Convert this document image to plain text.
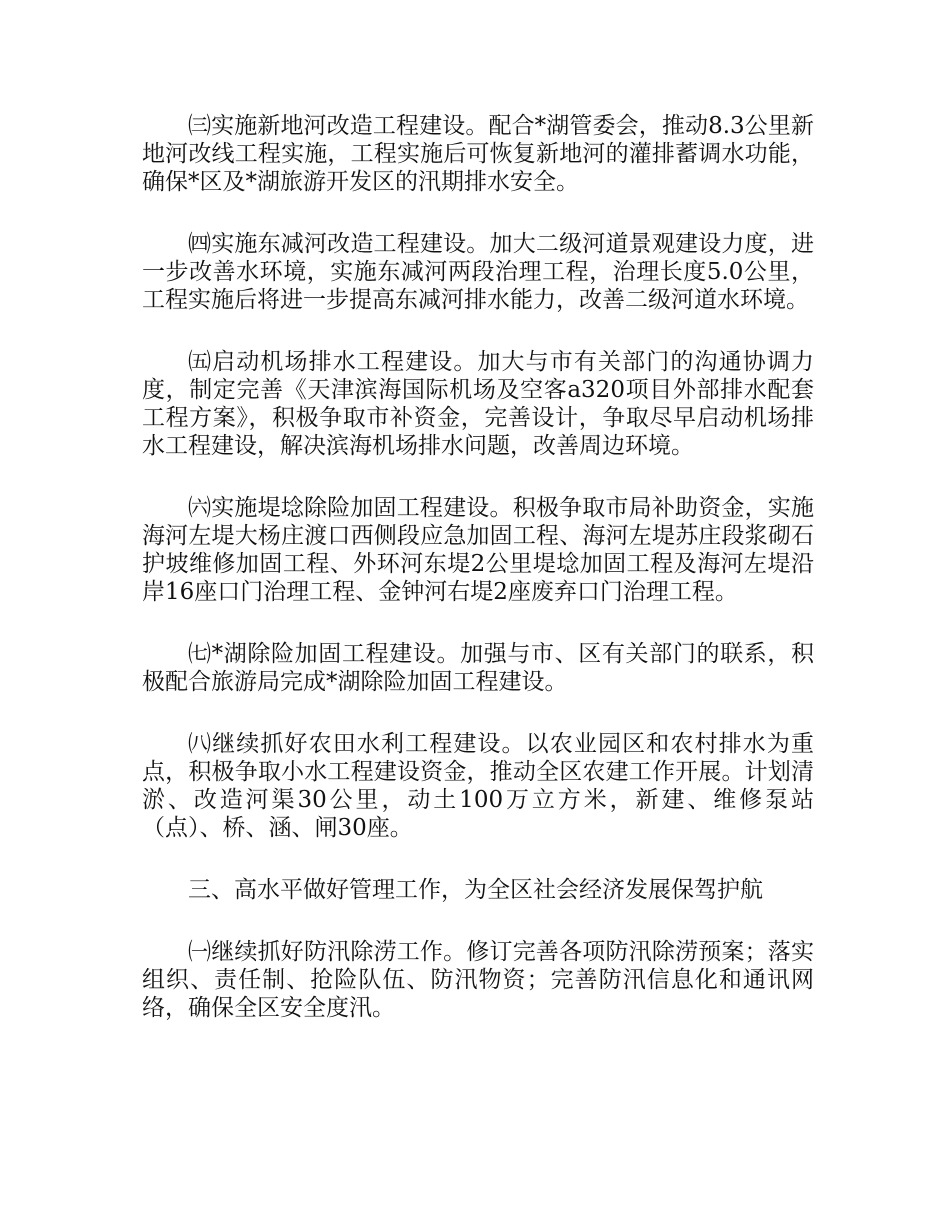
㈢实施新地河改造工程建设。配合*湖管委会，推动8.3公里新地河改线工程实施，工程实施后可恢复新地河的灌排蓄调水功能，确保*区及*湖旅游开发区的汛期排水安全。

㈣实施东减河改造工程建设。加大二级河道景观建设力度，进一步改善水环境，实施东减河两段治理工程，治理长度5.0公里，工程实施后将进一步提高东减河排水能力，改善二级河道水环境。

㈤启动机场排水工程建设。加大与市有关部门的沟通协调力度，制定完善《天津滨海国际机场及空客a320项目外部排水配套工程方案》，积极争取市补资金，完善设计，争取尽早启动机场排水工程建设，解决滨海机场排水问题，改善周边环境。

㈥实施堤埝除险加固工程建设。积极争取市局补助资金，实施海河左堤大杨庄渡口西侧段应急加固工程、海河左堤苏庄段浆砌石护坡维修加固工程、外环河东堤2公里堤埝加固工程及海河左堤沿岸16座口门治理工程、金钟河右堤2座废弃口门治理工程。

㈦*湖除险加固工程建设。加强与市、区有关部门的联系，积极配合旅游局完成*湖除险加固工程建设。

㈧继续抓好农田水利工程建设。以农业园区和农村排水为重点，积极争取小水工程建设资金，推动全区农建工作开展。计划清淤、改造河渠30公里，动土100万立方米，新建、维修泵站（点）、桥、涵、闸30座。

三、高水平做好管理工作，为全区社会经济发展保驾护航

㈠继续抓好防汛除涝工作。修订完善各项防汛除涝预案；落实组织、责任制、抢险队伍、防汛物资；完善防汛信息化和通讯网络，确保全区安全度汛。
